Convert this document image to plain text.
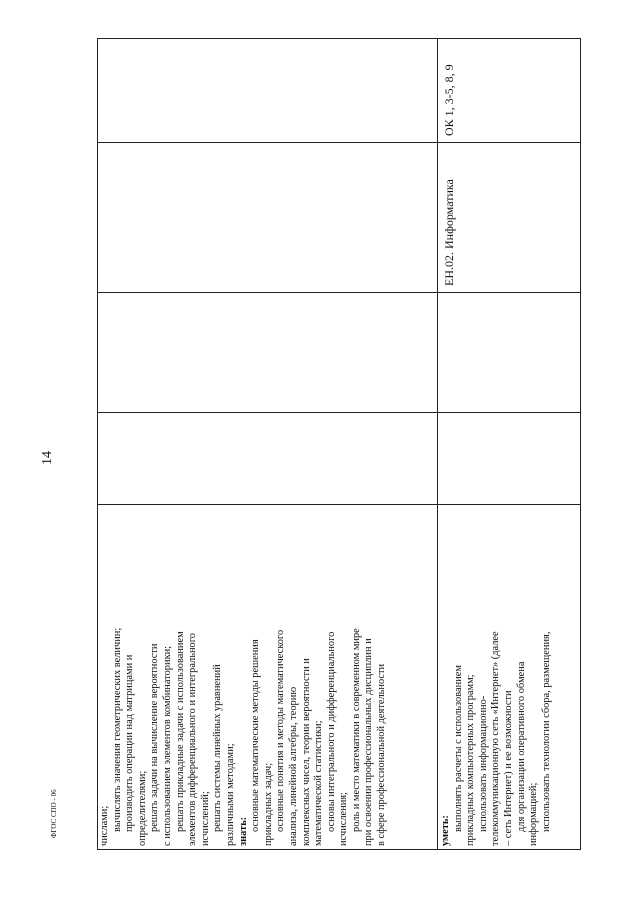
14
ФГОС СПО - 06	числами; вычислять значения геометрических величин; производить операции над матрицами и определителями; решать задачи на вычисление вероятности с использованием элементов комбинаторики; решать прикладные задачи с использованием элементов дифференциального и интегрального исчислений; решать системы линейных уравнений различными методами; знать: основные математические методы решения прикладных задач; основные понятия и методы математического анализа, линейной алгебры, теорию комплексных чисел, теории вероятности и математической статистики; основы интегрального и дифференциального исчисления; роль и место математики в современном мире при освоении профессиональных дисциплин и в сфере профессиональной деятельности	уметь: выполнять расчеты с использованием прикладных компьютерных программ; использовать информационно- телекоммуникационную сеть «Интернет» (далее – сеть Интернет) и ее возможности для организации оперативного обмена информацией; использовать технологии сбора, размещения,
ЕН.02. Информатика
ОК 1, 3-5, 8, 9
